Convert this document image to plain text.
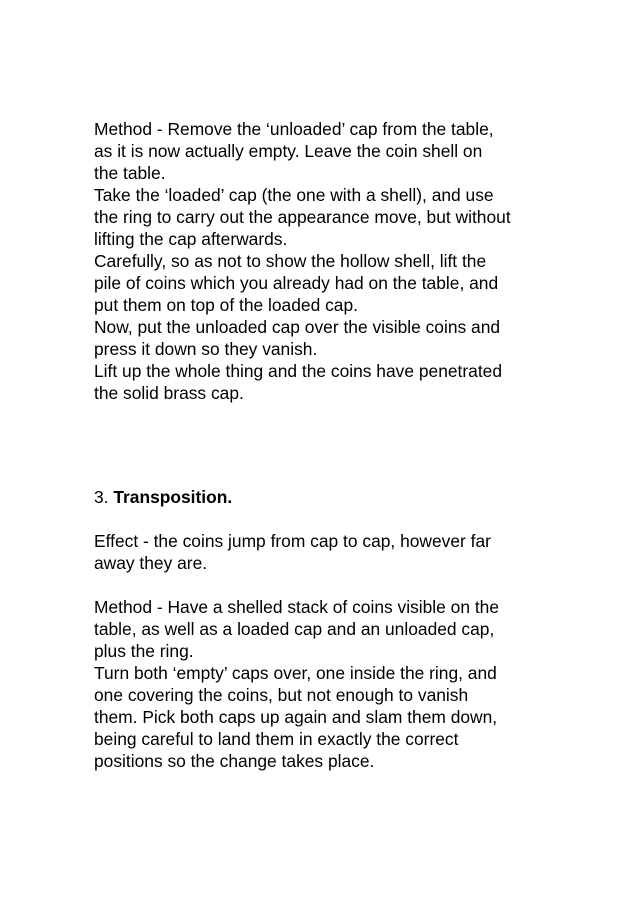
Method - Remove the ‘unloaded’ cap from the table,
as it is now actually empty. Leave the coin shell on
the table.
Take the ‘loaded’ cap (the one with a shell), and use
the ring to carry out the appearance move, but without
lifting the cap afterwards.
Carefully, so as not to show the hollow shell, lift the
pile of coins which you already had on the table, and
put them on top of the loaded cap.
Now, put the unloaded cap over the visible coins and
press it down so they vanish.
Lift up the whole thing and the coins have penetrated
the solid brass cap.
3. Transposition.
Effect - the coins jump from cap to cap, however far
away they are.
Method - Have a shelled stack of coins visible on the
table, as well as a loaded cap and an unloaded cap,
plus the ring.
Turn both ‘empty’ caps over, one inside the ring, and
one covering the coins, but not enough to vanish
them. Pick both caps up again and slam them down,
being careful to land them in exactly the correct
positions so the change takes place.
